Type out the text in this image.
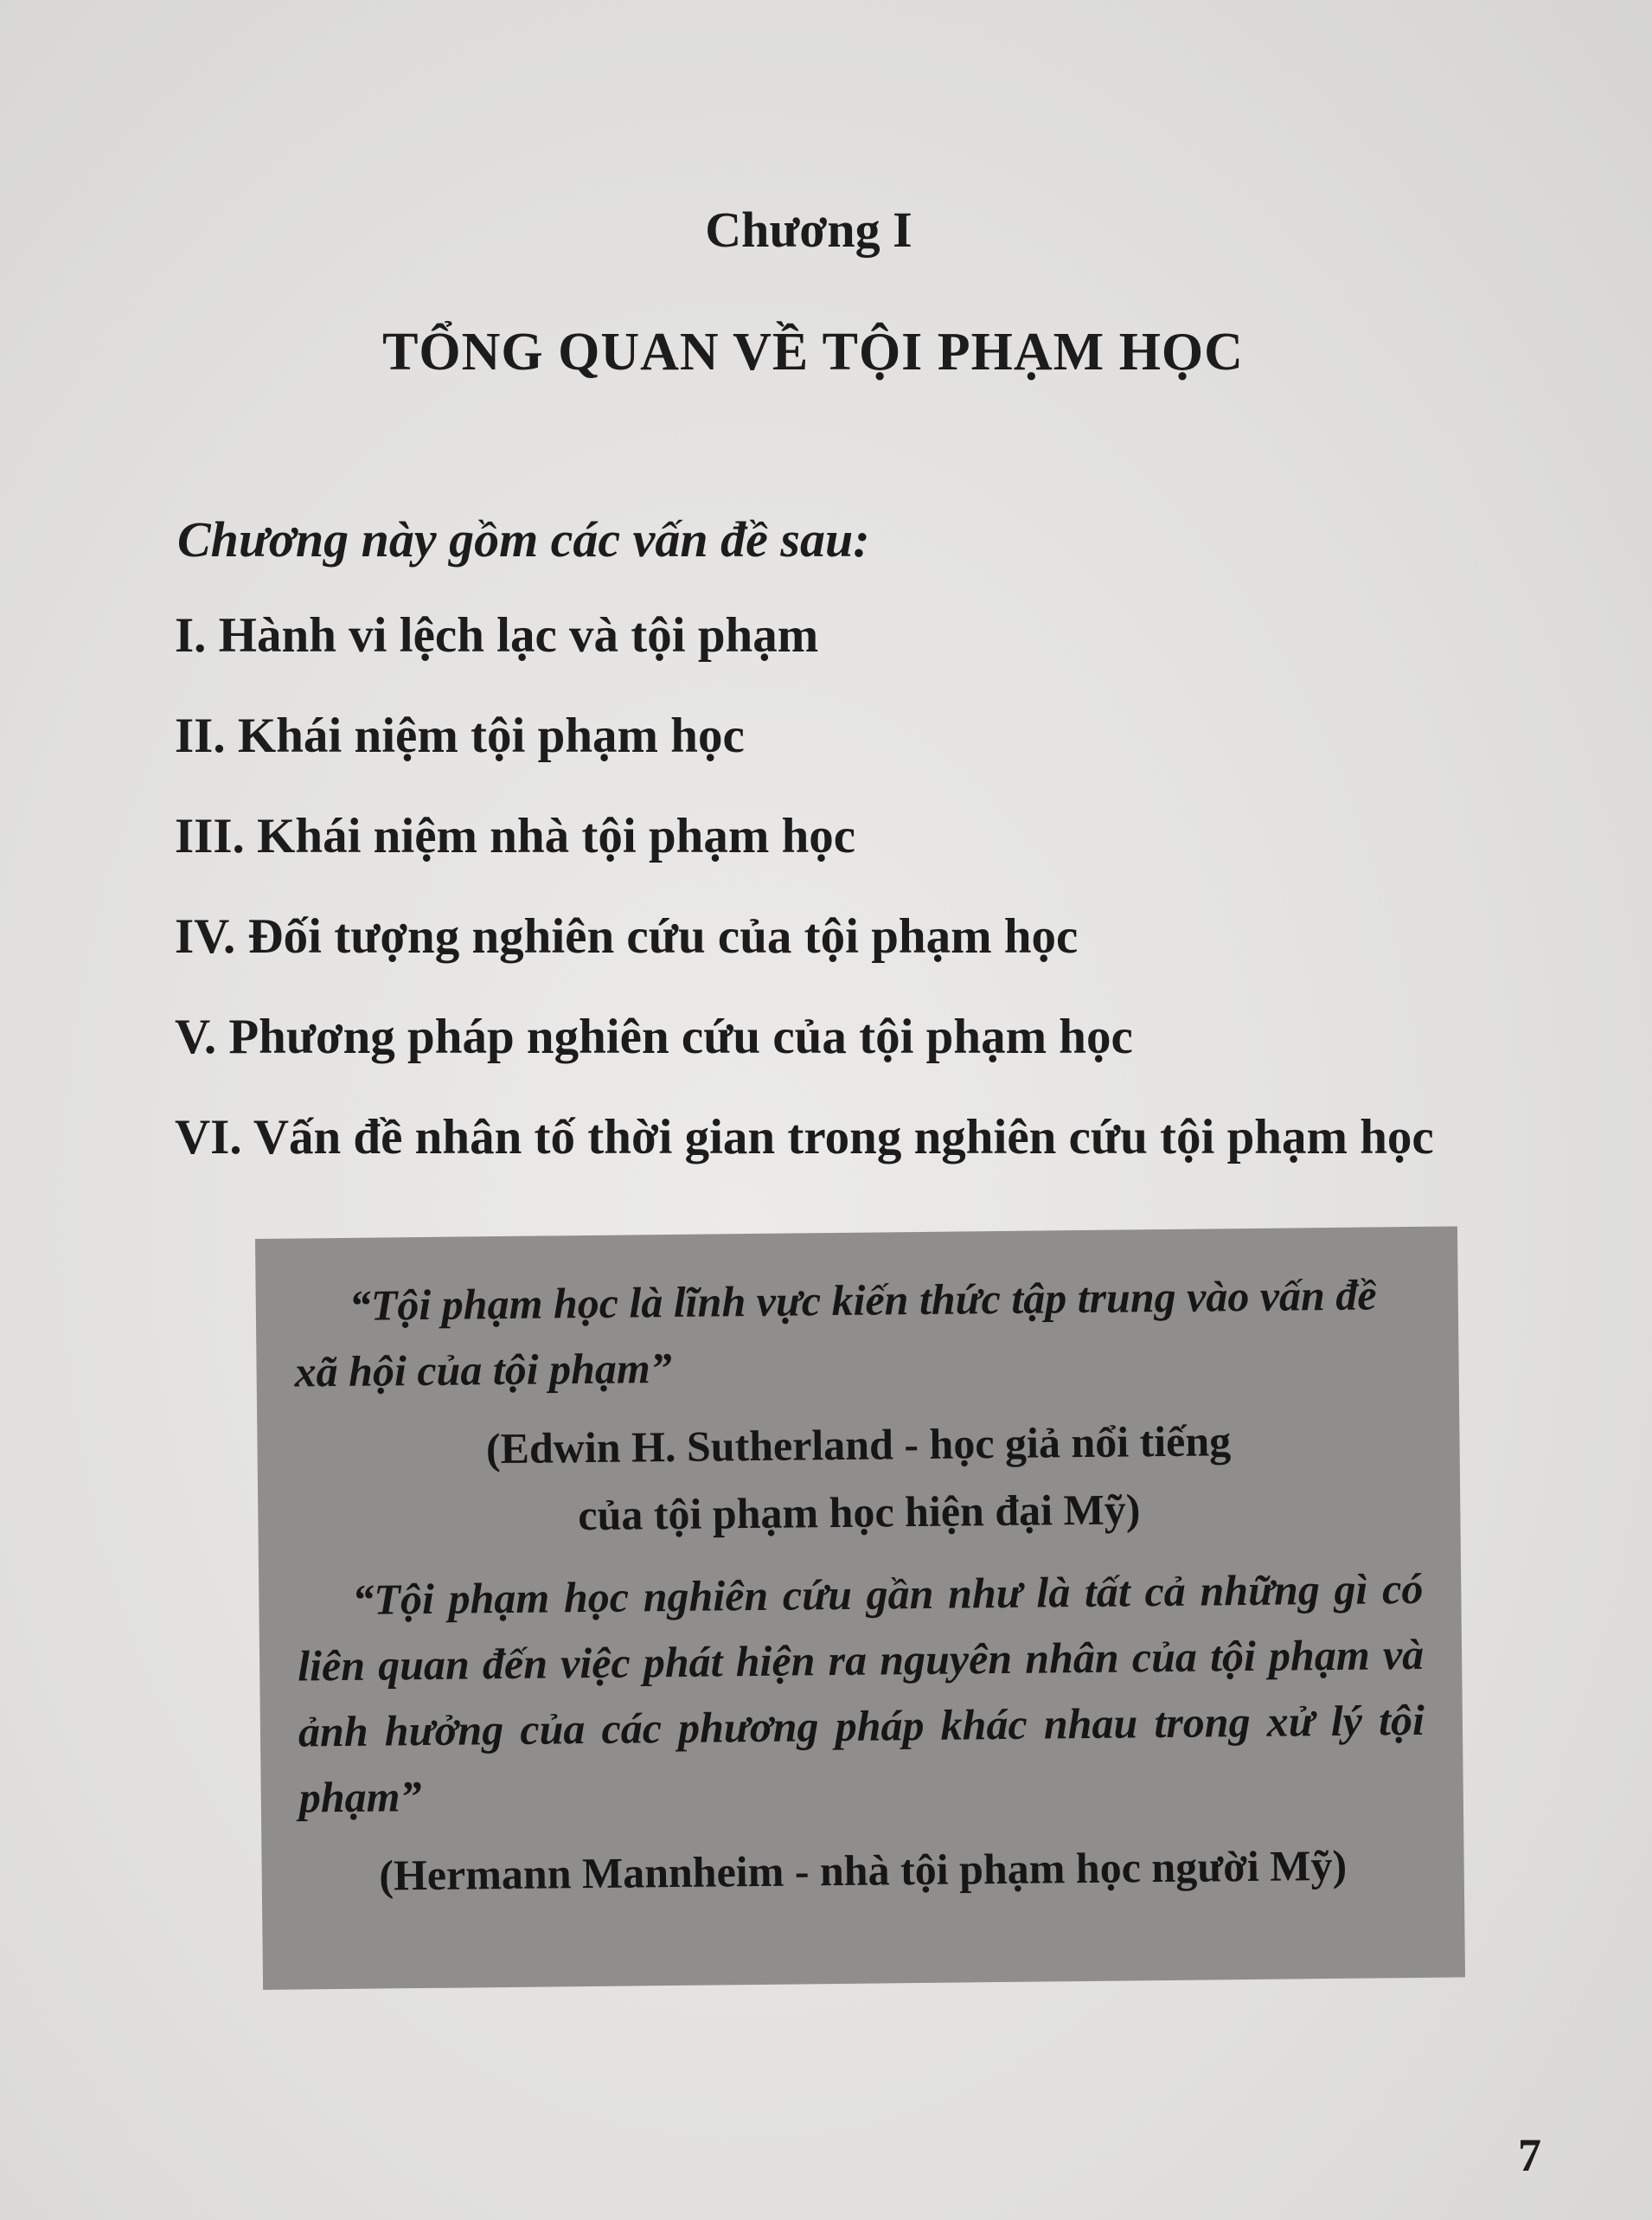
Chương I
TỔNG QUAN VỀ TỘI PHẠM HỌC
Chương này gồm các vấn đề sau:
I. Hành vi lệch lạc và tội phạm
II. Khái niệm tội phạm học
III. Khái niệm nhà tội phạm học
IV. Đối tượng nghiên cứu của tội phạm học
V. Phương pháp nghiên cứu của tội phạm học
VI. Vấn đề nhân tố thời gian trong nghiên cứu tội phạm học

“Tội phạm học là lĩnh vực kiến thức tập trung vào vấn đề xã hội của tội phạm”

(Edwin H. Sutherland - học giả nổi tiếng
của tội phạm học hiện đại Mỹ)

“Tội phạm học nghiên cứu gần như là tất cả những gì có liên quan đến việc phát hiện ra nguyên nhân của tội phạm và ảnh hưởng của các phương pháp khác nhau trong xử lý tội phạm”

(Hermann Mannheim - nhà tội phạm học người Mỹ)
7
